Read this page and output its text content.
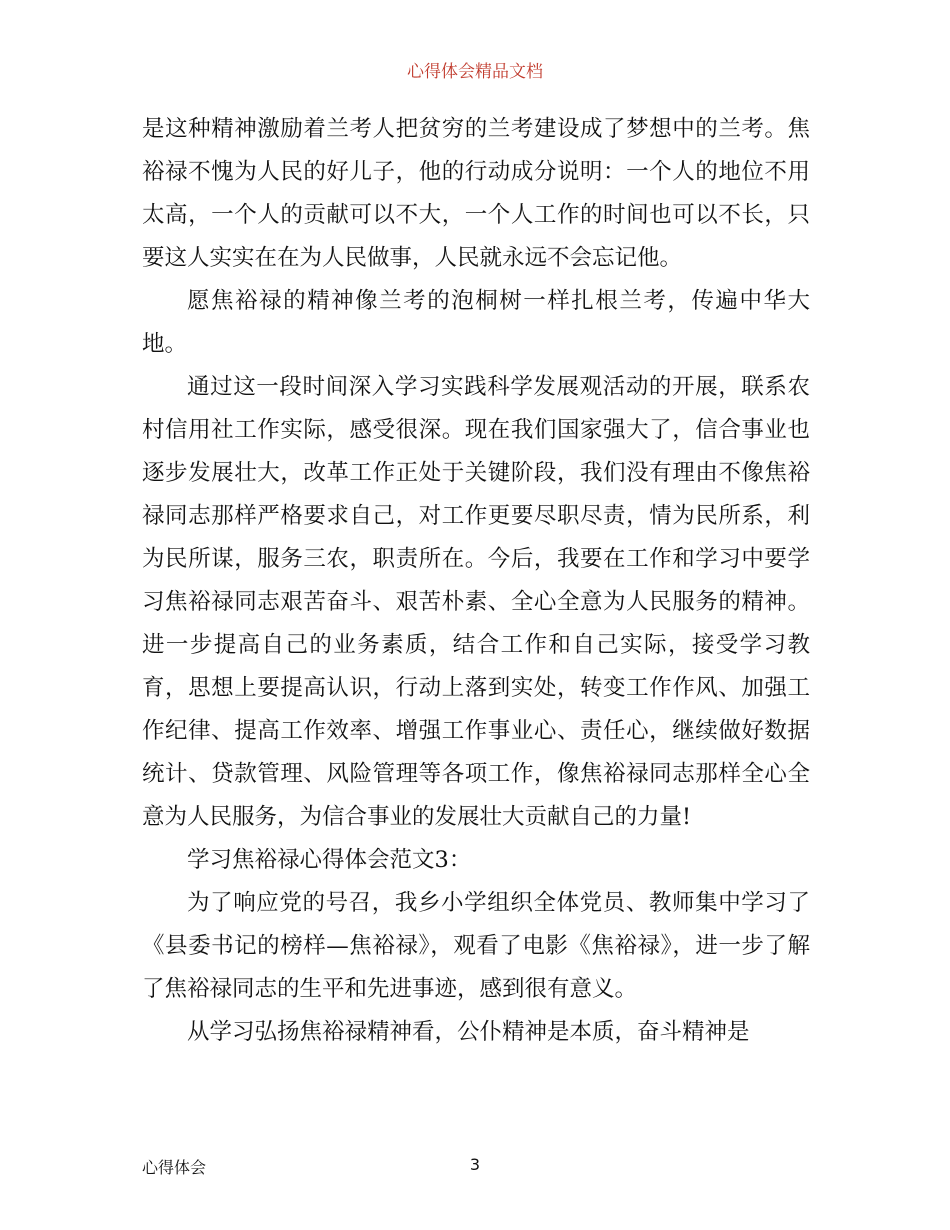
心得体会精品文档

是这种精神激励着兰考人把贫穷的兰考建设成了梦想中的兰考。焦裕禄不愧为人民的好儿子，他的行动成分说明：一个人的地位不用太高，一个人的贡献可以不大，一个人工作的时间也可以不长，只要这人实实在在为人民做事，人民就永远不会忘记他。

愿焦裕禄的精神像兰考的泡桐树一样扎根兰考，传遍中华大地。

通过这一段时间深入学习实践科学发展观活动的开展，联系农村信用社工作实际，感受很深。现在我们国家强大了，信合事业也逐步发展壮大，改革工作正处于关键阶段，我们没有理由不像焦裕禄同志那样严格要求自己，对工作更要尽职尽责，情为民所系，利为民所谋，服务三农，职责所在。今后，我要在工作和学习中要学习焦裕禄同志艰苦奋斗、艰苦朴素、全心全意为人民服务的精神。进一步提高自己的业务素质，结合工作和自己实际，接受学习教育，思想上要提高认识，行动上落到实处，转变工作作风、加强工作纪律、提高工作效率、增强工作事业心、责任心，继续做好数据统计、贷款管理、风险管理等各项工作，像焦裕禄同志那样全心全意为人民服务，为信合事业的发展壮大贡献自己的力量!

学习焦裕禄心得体会范文3：

为了响应党的号召，我乡小学组织全体党员、教师集中学习了《县委书记的榜样—焦裕禄》，观看了电影《焦裕禄》，进一步了解了焦裕禄同志的生平和先进事迹，感到很有意义。

从学习弘扬焦裕禄精神看，公仆精神是本质，奋斗精神是

心得体会	3
